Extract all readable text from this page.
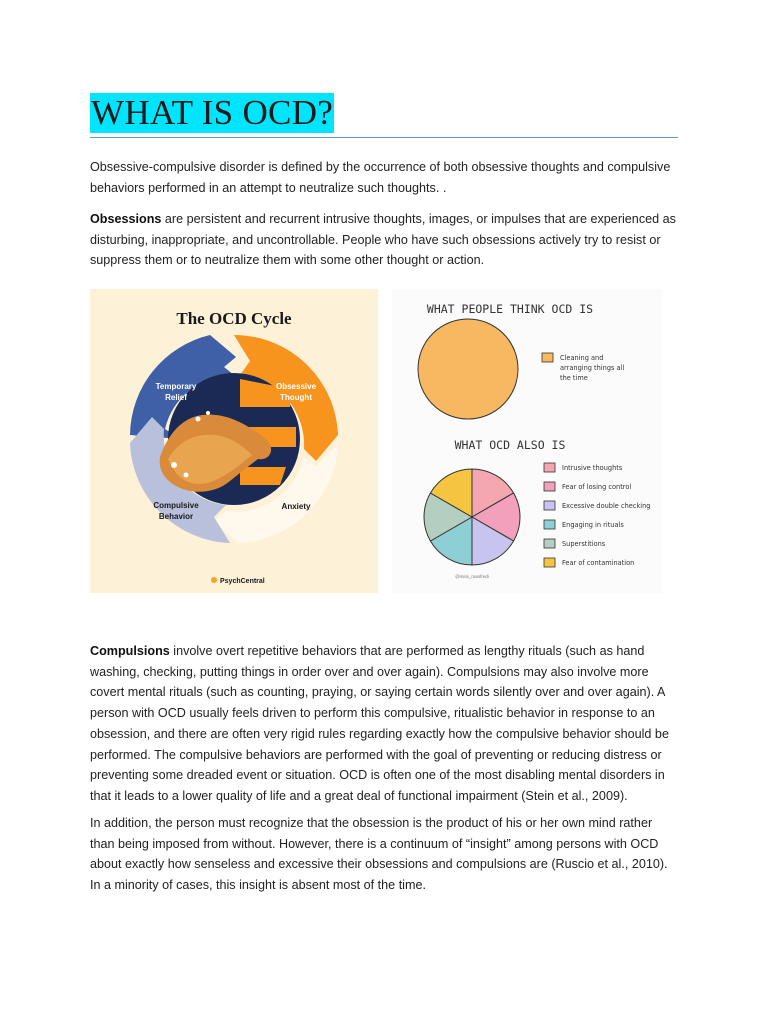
WHAT IS OCD?

Obsessive-compulsive disorder is defined by the occurrence of both obsessive thoughts and compulsive behaviors performed in an attempt to neutralize such thoughts. .

Obsessions are persistent and recurrent intrusive thoughts, images, or impulses that are experienced as disturbing, inappropriate, and uncontrollable. People who have such obsessions actively try to resist or suppress them or to neutralize them with some other thought or action.

The OCD Cycle
Temporary
Relief
Obsessive
Thought
Anxiety
Compulsive
Behavior
PsychCentral
WHAT PEOPLE THINK OCD IS
Cleaning and
arranging things all
the time
WHAT OCD ALSO IS
Intrusive thoughts
Fear of losing control
Excessive double checking
Engaging in rituals
Superstitions
Fear of contamination
@miss_manfredi

Compulsions involve overt repetitive behaviors that are performed as lengthy rituals (such as hand washing, checking, putting things in order over and over again). Compulsions may also involve more covert mental rituals (such as counting, praying, or saying certain words silently over and over again). A person with OCD usually feels driven to perform this compulsive, ritualistic behavior in response to an obsession, and there are often very rigid rules regarding exactly how the compulsive behavior should be performed. The compulsive behaviors are performed with the goal of preventing or reducing distress or preventing some dreaded event or situation. OCD is often one of the most disabling mental disorders in that it leads to a lower quality of life and a great deal of functional impairment (Stein et al., 2009).

In addition, the person must recognize that the obsession is the product of his or her own mind rather than being imposed from without. However, there is a continuum of “insight” among persons with OCD about exactly how senseless and excessive their obsessions and compulsions are (Ruscio et al., 2010). In a minority of cases, this insight is absent most of the time.
